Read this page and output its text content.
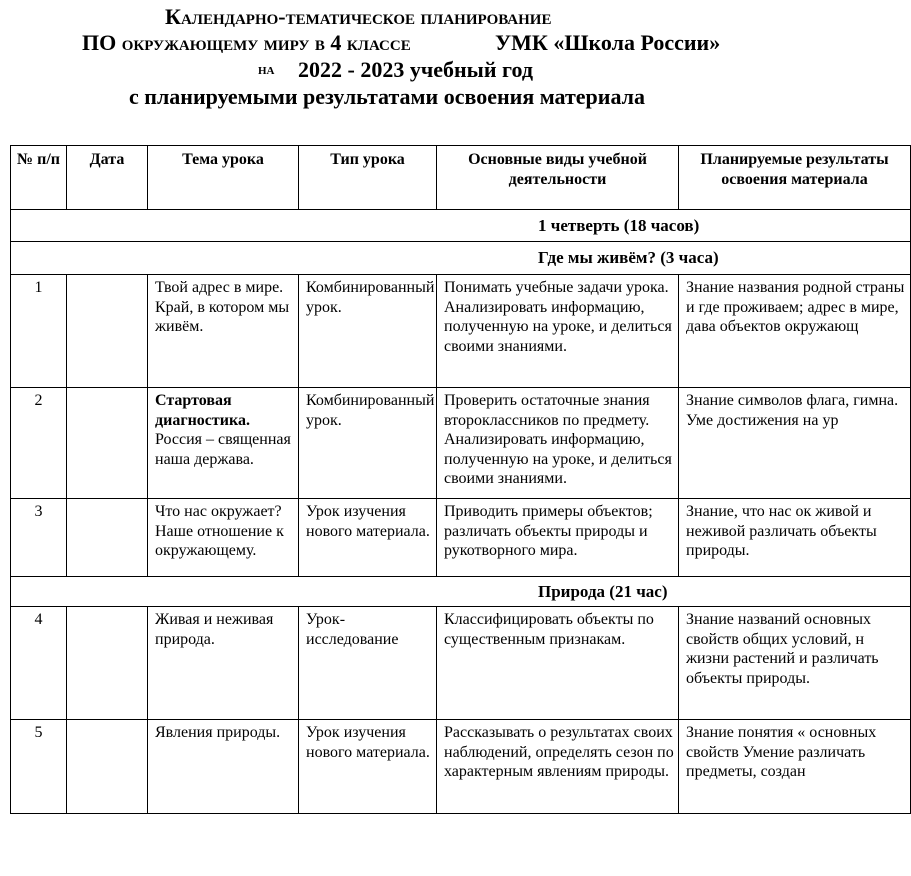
Календарно-тематическое планирование
ПО окружающему миру в 4 классе	УМК «Школа России»
на 2022 - 2023 учебный год
с планируемыми результатами освоения материала
№ п/п	Дата	Тема урока	Тип урока	Основные виды учебной деятельности	Планируемые результаты освоения материала
1 четверть (18 часов)					
Где мы живём? (3 часа)					
1		Твой адрес в мире. Край, в котором мы живём.	Комбинированный урок.	Понимать учебные задачи урока. Анализировать информацию, полученную на уроке, и делиться своими знаниями.	Знание названия родной страны и где проживаем; адрес в мире, дава объектов окружающ
2		Стартовая диагностика. Россия – священная наша держава.	Комбинированный урок.	Проверить остаточные знания второклассников по предмету. Анализировать информацию, полученную на уроке, и делиться своими знаниями.	Знание символов флага, гимна. Уме достижения на ур
3		Что нас окружает? Наше отношение к окружающему.	Урок изучения нового материала.	Приводить примеры объектов; различать объекты природы и рукотворного мира.	Знание, что нас ок живой и неживой различать объекты природы.
Природа (21 час)					
4		Живая и неживая природа.	Урок-исследование	Классифицировать объекты по существенным признакам.	Знание названий основных свойств общих условий, н жизни растений и различать объекты природы.
5		Явления природы.	Урок изучения нового материала.	Рассказывать о результатах своих наблюдений, определять сезон по характерным явлениям природы.	Знание понятия « основных свойств Умение различать предметы, создан
